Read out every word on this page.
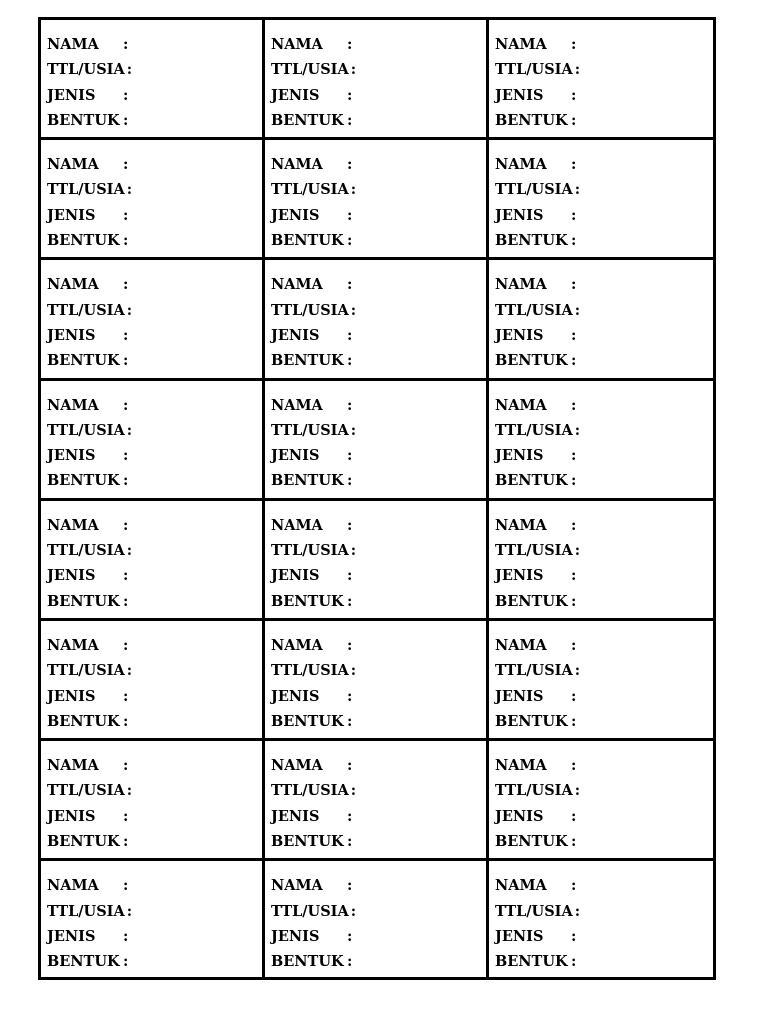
NAMA	:
TTL/USIA :
JENIS	:
BENTUK :
NAMA	:
TTL/USIA :
JENIS	:
BENTUK :
NAMA	:
TTL/USIA :
JENIS	:
BENTUK :
NAMA	:
TTL/USIA :
JENIS	:
BENTUK :
NAMA	:
TTL/USIA :
JENIS	:
BENTUK :
NAMA	:
TTL/USIA :
JENIS	:
BENTUK :
NAMA	:
TTL/USIA :
JENIS	:
BENTUK :
NAMA	:
TTL/USIA :
JENIS	:
BENTUK :
NAMA	:
TTL/USIA :
JENIS	:
BENTUK :
NAMA	:
TTL/USIA :
JENIS	:
BENTUK :
NAMA	:
TTL/USIA :
JENIS	:
BENTUK :
NAMA	:
TTL/USIA :
JENIS	:
BENTUK :
NAMA	:
TTL/USIA :
JENIS	:
BENTUK :
NAMA	:
TTL/USIA :
JENIS	:
BENTUK :
NAMA	:
TTL/USIA :
JENIS	:
BENTUK :
NAMA	:
TTL/USIA :
JENIS	:
BENTUK :
NAMA	:
TTL/USIA :
JENIS	:
BENTUK :
NAMA	:
TTL/USIA :
JENIS	:
BENTUK :
NAMA	:
TTL/USIA :
JENIS	:
BENTUK :
NAMA	:
TTL/USIA :
JENIS	:
BENTUK :
NAMA	:
TTL/USIA :
JENIS	:
BENTUK :
NAMA	:
TTL/USIA :
JENIS	:
BENTUK :
NAMA	:
TTL/USIA :
JENIS	:
BENTUK :
NAMA	:
TTL/USIA :
JENIS	:
BENTUK :
